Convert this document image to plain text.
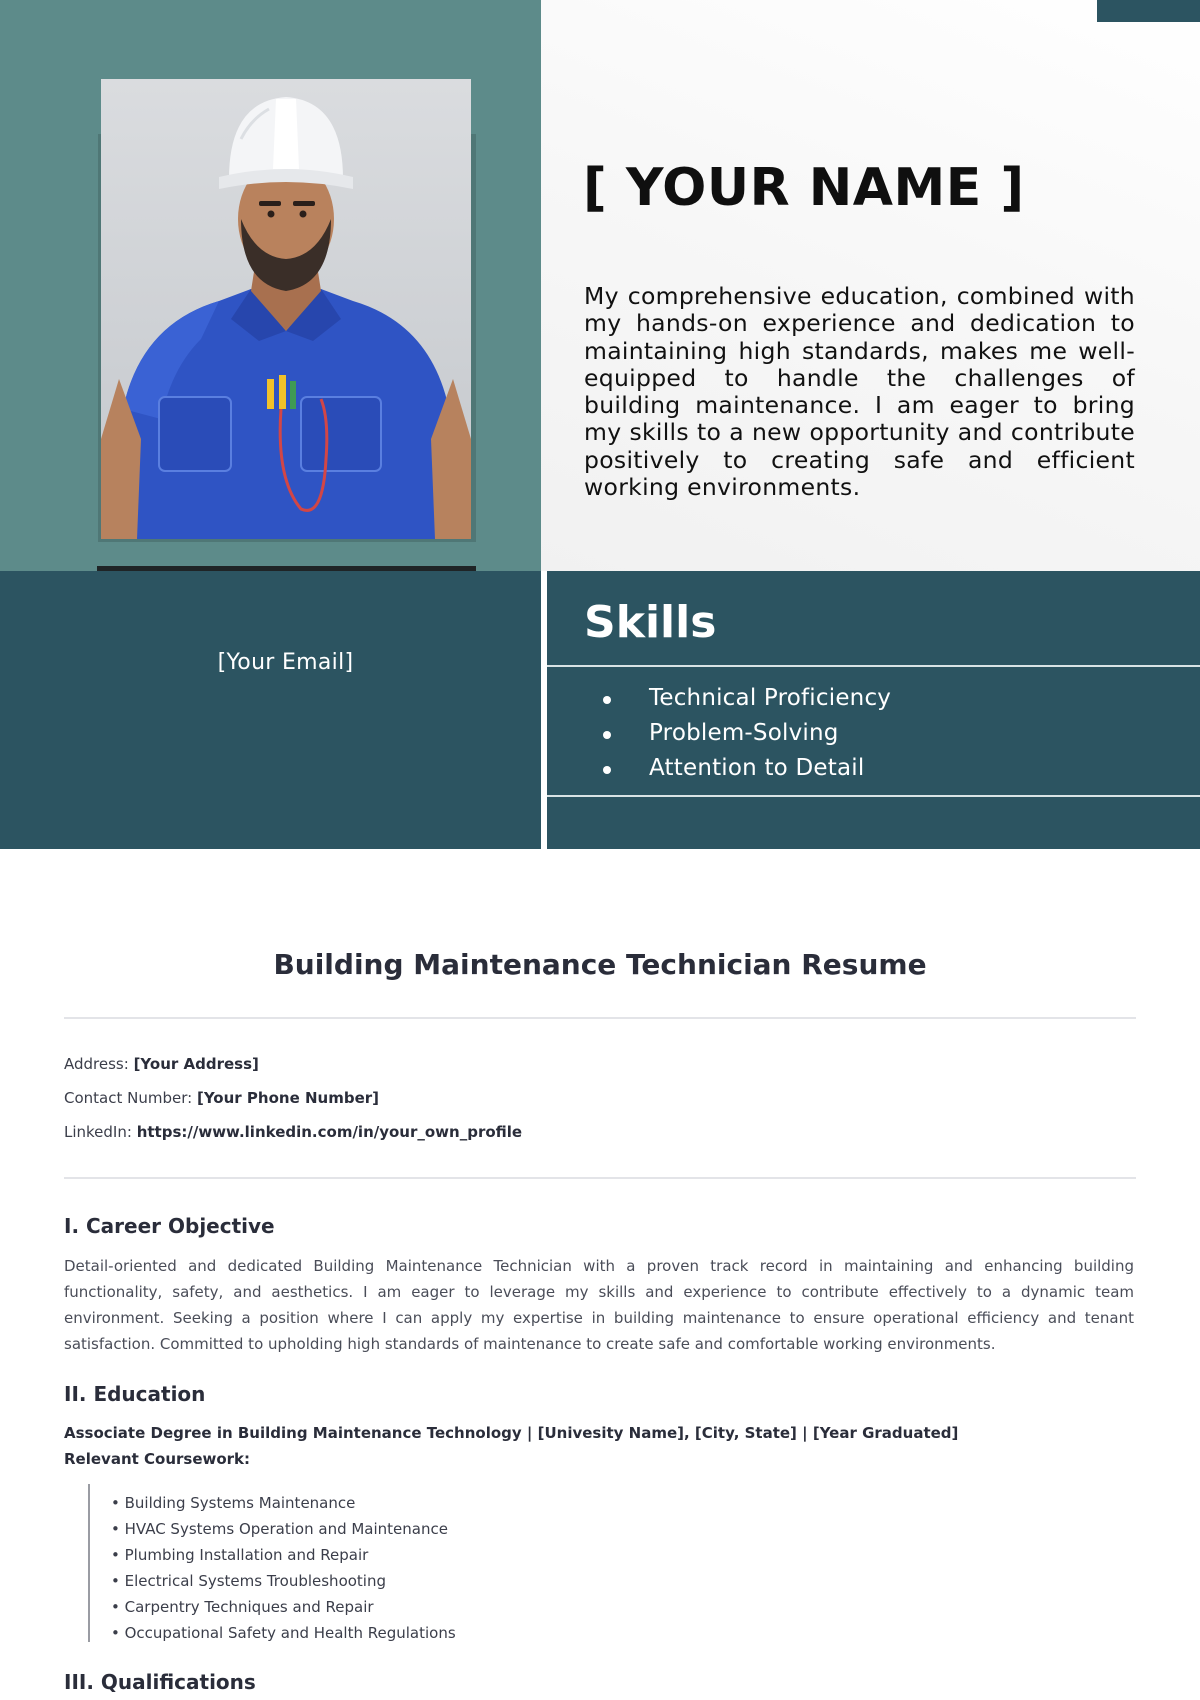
[ YOUR NAME ]

My comprehensive education, combined with my hands-on experience and dedication to maintaining high standards, makes me well-equipped to handle the challenges of building maintenance. I am eager to bring my skills to a new opportunity and contribute positively to creating safe and efficient working environments.

[Your Email]
Skills
Technical Proficiency
Problem-Solving
Attention to Detail
Building Maintenance Technician Resume
Address: [Your Address]
Contact Number: [Your Phone Number]
LinkedIn: https://www.linkedin.com/in/your_own_profile
I. Career Objective

Detail-oriented and dedicated Building Maintenance Technician with a proven track record in maintaining and enhancing building functionality, safety, and aesthetics. I am eager to leverage my skills and experience to contribute effectively to a dynamic team environment. Seeking a position where I can apply my expertise in building maintenance to ensure operational efficiency and tenant satisfaction. Committed to upholding high standards of maintenance to create safe and comfortable working environments.

II. Education
Associate Degree in Building Maintenance Technology | [Univesity Name], [City, State] | [Year Graduated]
Relevant Coursework:
• Building Systems Maintenance
• HVAC Systems Operation and Maintenance
• Plumbing Installation and Repair
• Electrical Systems Troubleshooting
• Carpentry Techniques and Repair
• Occupational Safety and Health Regulations
III. Qualifications
